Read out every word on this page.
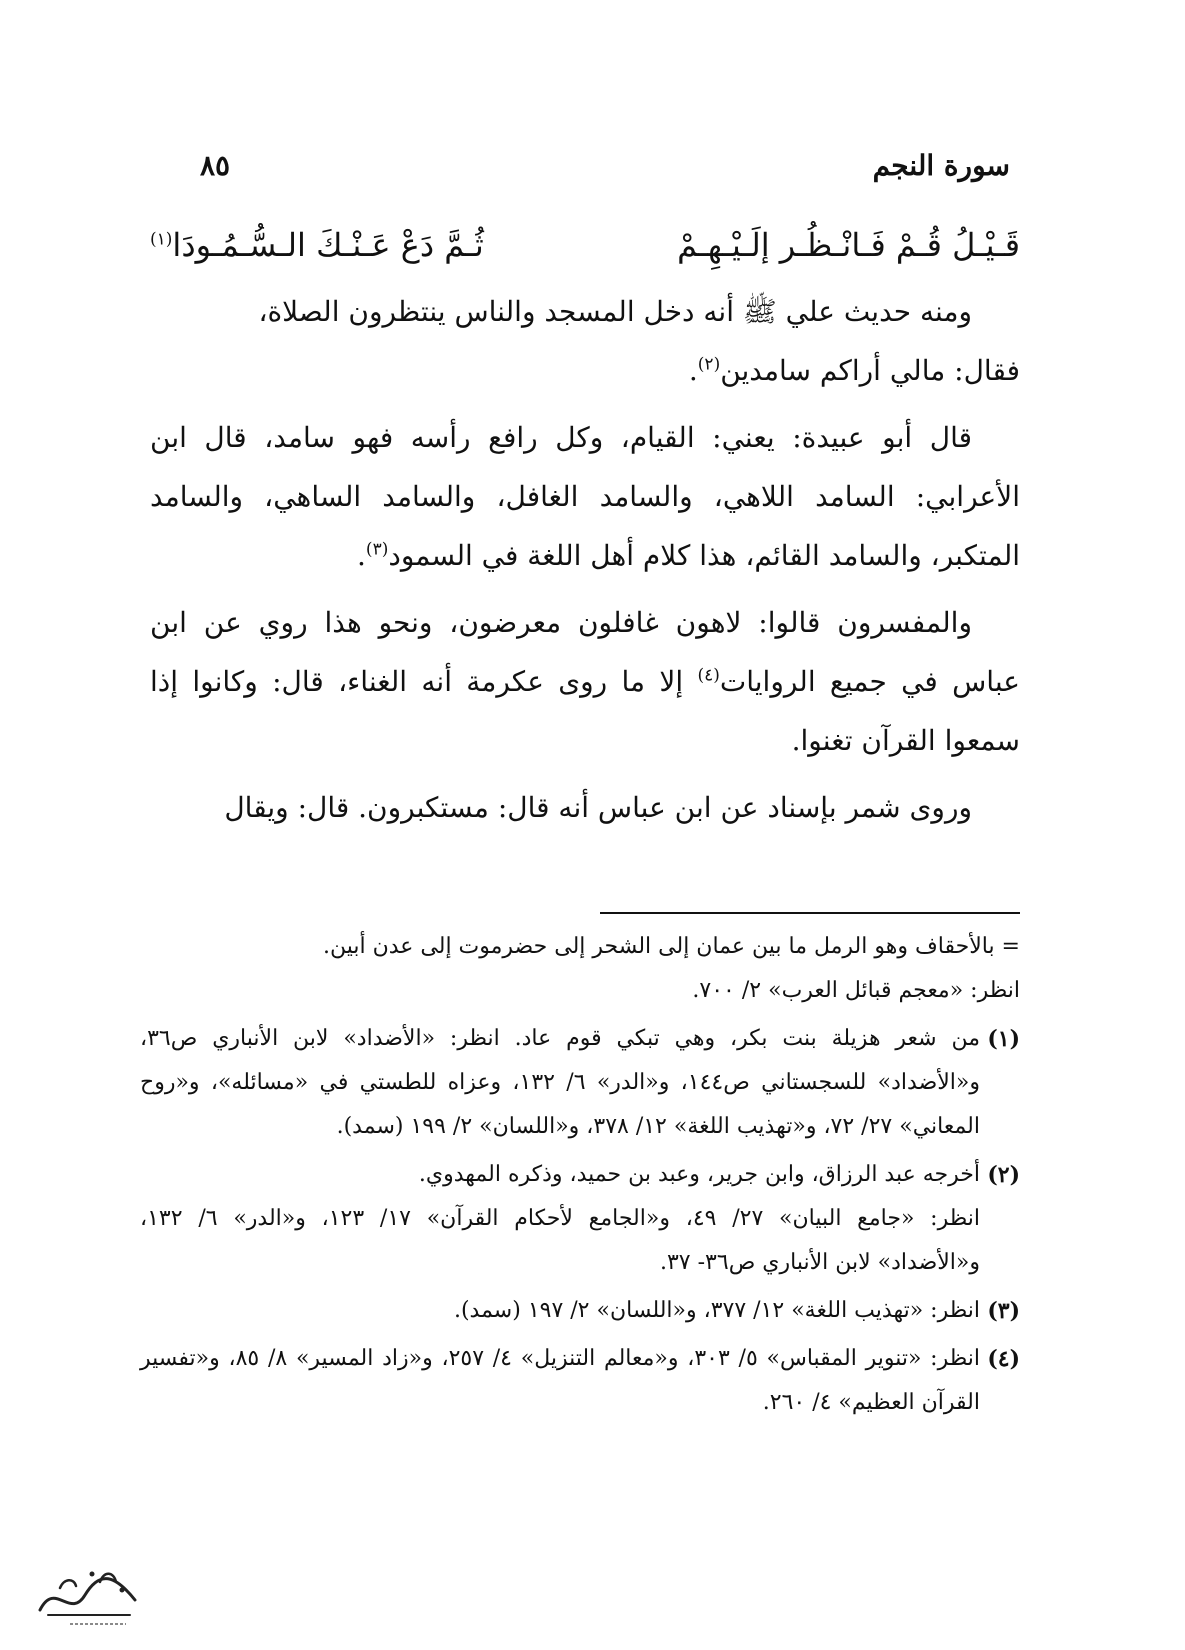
سورة النجم
٨٥
قَـيْـلُ قُـمْ فَـانْـظُـر إلَـيْـهِـمْ
ثُـمَّ دَعْ عَـنْـكَ الـسُّـمُـودَا$^{(١)}$

ومنه حديث علي ﷺ أنه دخل المسجد والناس ينتظرون الصلاة،
فقال: مالي أراكم سامدين$^{(٢)}$.

قال أبو عبيدة: يعني: القيام، وكل رافع رأسه فهو سامد، قال ابن الأعرابي: السامد اللاهي، والسامد الغافل، والسامد الساهي، والسامد المتكبر، والسامد القائم، هذا كلام أهل اللغة في السمود$^{(٣)}$.

والمفسرون قالوا: لاهون غافلون معرضون، ونحو هذا روي عن ابن عباس في جميع الروايات$^{(٤)}$ إلا ما روى عكرمة أنه الغناء، قال: وكانوا إذا سمعوا القرآن تغنوا.

وروى شمر بإسناد عن ابن عباس أنه قال: مستكبرون. قال: ويقال

= بالأحقاف وهو الرمل ما بين عمان إلى الشحر إلى حضرموت إلى عدن أبين.

انظر: «معجم قبائل العرب» ٢/ ٧٠٠.

(١)

من شعر هزيلة بنت بكر، وهي تبكي قوم عاد. انظر: «الأضداد» لابن الأنباري ص٣٦، و«الأضداد» للسجستاني ص١٤٤، و«الدر» ٦/ ١٣٢، وعزاه للطستي في «مسائله»، و«روح المعاني» ٢٧/ ٧٢، و«تهذيب اللغة» ١٢/ ٣٧٨، و«اللسان» ٢/ ١٩٩ (سمد).

(٢)

أخرجه عبد الرزاق، وابن جرير، وعبد بن حميد، وذكره المهدوي.

انظر: «جامع البيان» ٢٧/ ٤٩، و«الجامع لأحكام القرآن» ١٧/ ١٢٣، و«الدر» ٦/ ١٣٢، و«الأضداد» لابن الأنباري ص٣٦- ٣٧.

(٣)

انظر: «تهذيب اللغة» ١٢/ ٣٧٧، و«اللسان» ٢/ ١٩٧ (سمد).

(٤)

انظر: «تنوير المقباس» ٥/ ٣٠٣، و«معالم التنزيل» ٤/ ٢٥٧، و«زاد المسير» ٨/ ٨٥، و«تفسير القرآن العظيم» ٤/ ٢٦٠.
